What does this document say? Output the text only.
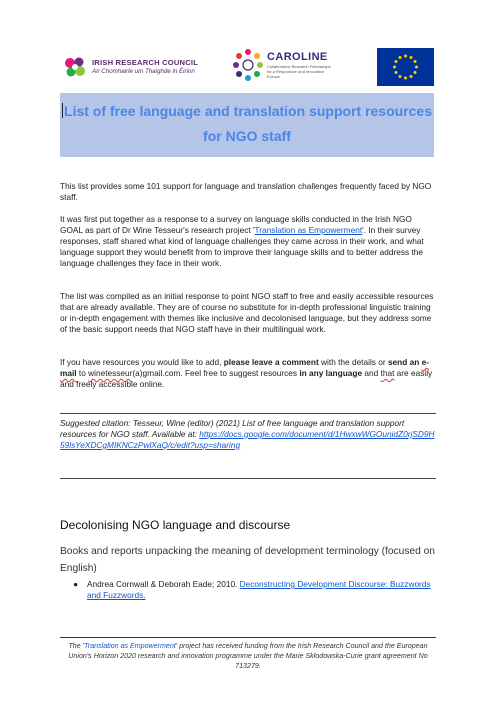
IRISH RESEARCH COUNCIL
An Chomhairle um Thaighde in Éirinn
CAROLINE
Collaborative Research Fellowships for a Responsive and Innovative Europe
List of free language and translation support resources
for NGO staff

This list provides some 101 support for language and translation challenges frequently faced by NGO staff.

It was first put together as a response to a survey on language skills conducted in the Irish NGO GOAL as part of Dr Wine Tesseur's research project 'Translation as Empowerment'. In their survey responses, staff shared what kind of language challenges they came across in their work, and what language support they would benefit from to improve their language skills and to better address the language challenges they face in their work.

The list was compiled as an initial response to point NGO staff to free and easily accessible resources that are already available. They are of course no substitute for in-depth professional linguistic training or in-depth engagement with themes like inclusive and decolonised language, but they address some of the basic support needs that NGO staff have in their multilingual work.

If you have resources you would like to add, please leave a comment with the details or send an e-mail to winetesseur(a)gmail.com. Feel free to suggest resources in any language and that are easily and freely accessible online.

Suggested citation: Tesseur, Wine (editor) (2021) List of free language and translation support resources for NGO staff. Available at: https://docs.google.com/document/d/1HwxwWGOunidZ0rjSD9H59lsYeXDCgMIKNCzPwlXaQ/c/edit?usp=sharing
Decolonising NGO language and discourse
Books and reports unpacking the meaning of development terminology (focused on English)
● Andrea Cornwall & Deborah Eade; 2010. Deconstructing Development Discourse: Buzzwords and Fuzzwords.
The 'Translation as Empowerment' project has received funding from the Irish Research Council and the European Union's Horizon 2020 research and innovation programme under the Marie Sklodowska-Curie grant agreement No 713279.
